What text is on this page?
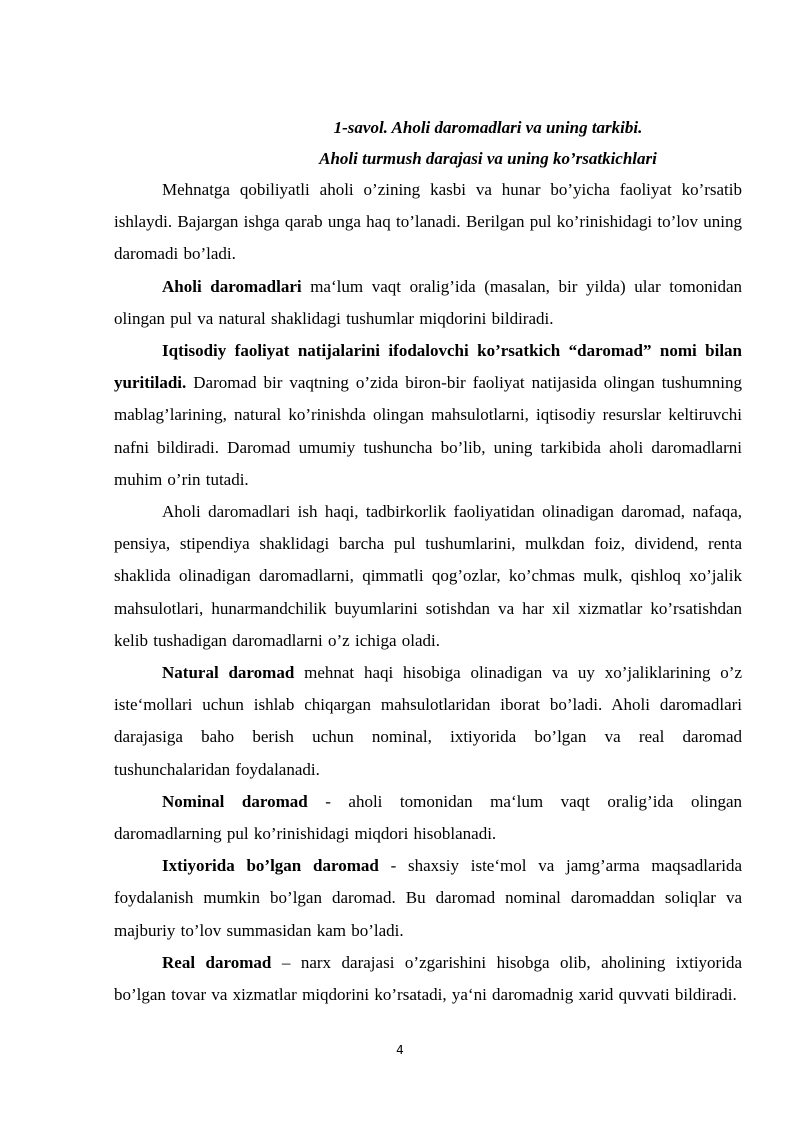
1-savol. Aholi daromadlari va uning tarkibi.

Aholi turmush darajasi va uning ko’rsatkichlari

Mehnatga qobiliyatli aholi o’zining kasbi va hunar bo’yicha faoliyat ko’rsatib ishlaydi. Bajargan ishga qarab unga haq to’lanadi. Berilgan pul ko’rinishidagi to’lov uning daromadi bo’ladi.

Aholi daromadlari ma‘lum vaqt oralig’ida (masalan, bir yilda) ular tomonidan olingan pul va natural shaklidagi tushumlar miqdorini bildiradi.

Iqtisodiy faoliyat natijalarini ifodalovchi ko’rsatkich “daromad” nomi bilan yuritiladi. Daromad bir vaqtning o’zida biron-bir faoliyat natijasida olingan tushumning mablag’larining, natural ko’rinishda olingan mahsulotlarni, iqtisodiy resurslar keltiruvchi nafni bildiradi. Daromad umumiy tushuncha bo’lib, uning tarkibida aholi daromadlarni muhim o’rin tutadi.

Aholi daromadlari ish haqi, tadbirkorlik faoliyatidan olinadigan daromad, nafaqa, pensiya, stipendiya shaklidagi barcha pul tushumlarini, mulkdan foiz, dividend, renta shaklida olinadigan daromadlarni, qimmatli qog’ozlar, ko’chmas mulk, qishloq xo’jalik mahsulotlari, hunarmandchilik buyumlarini sotishdan va har xil xizmatlar ko’rsatishdan kelib tushadigan daromadlarni o’z ichiga oladi.

Natural daromad mehnat haqi hisobiga olinadigan va uy xo’jaliklarining o’z iste‘mollari uchun ishlab chiqargan mahsulotlaridan iborat bo’ladi. Aholi daromadlari darajasiga baho berish uchun nominal, ixtiyorida bo’lgan va real daromad tushunchalaridan foydalanadi.

Nominal daromad - aholi tomonidan ma‘lum vaqt oralig’ida olingan daromadlarning pul ko’rinishidagi miqdori hisoblanadi.

Ixtiyorida bo’lgan daromad - shaxsiy iste‘mol va jamg’arma maqsadlarida foydalanish mumkin bo’lgan daromad. Bu daromad nominal daromaddan soliqlar va majburiy to’lov summasidan kam bo’ladi.

Real daromad – narx darajasi o’zgarishini hisobga olib, aholining ixtiyorida bo’lgan tovar va xizmatlar miqdorini ko’rsatadi, ya‘ni daromadnig xarid quvvati bildiradi.

4
